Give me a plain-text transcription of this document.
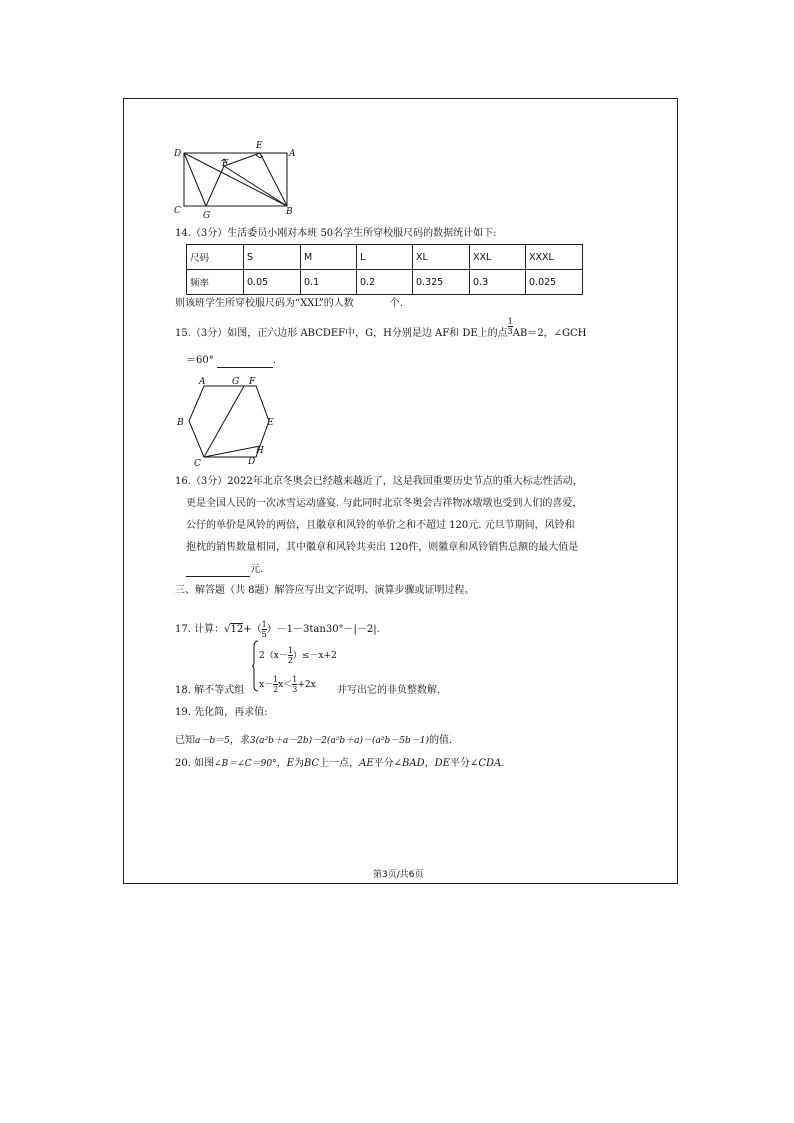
D
E
A
F
C G	B
14.（3分）生活委员小刚对本班 50名学生所穿校服尺码的数据统计如下:
尺码	S	M	L	XL	XXL	XXXL
频率	0.05	0.1	0.2	0.325	0.3	0.025
则该班学生所穿校服尺码为“XXL”的人数	个.
15.（3分）如图，正六边形 ABCDEF中，G，H分别是边 AF和 DE上的点 $\frac{1}{3} AB=2$，∠GCH
＝60°	.
A	G F
B	E
H
C	D
16.（3分）2022年北京冬奥会已经越来越近了，这是我国重要历史节点的重大标志性活动，
更是全国人民的一次冰雪运动盛宴. 与此同时北京冬奥会吉祥物冰墩墩也受到人们的喜爱，
公仔的单价是风铃的两倍，且徽章和风铃的单价之和不超过 120元. 元旦节期间，风铃和
抱枕的销售数量相同，其中徽章和风铃共卖出 120件，则徽章和风铃销售总额的最大值是
元.
三、解答题（共 8题）解答应写出文字说明、演算步骤或证明过程。
17. 计算：$√12+( \frac{1}{5} )-1-3\tan 30^\circ-|-2|$.
$2(x- \frac{1}{2} )\le-x+2$
$x- \frac{1}{2} x< \frac{1}{3} +2x$
18. 解不等式组	并写出它的非负整数解.
19. 先化简，再求值:
已知a－b＝5，求3(a²b＋a－2b)－2(a²b＋a)－(a²b－5b－1)的值.
20. 如图∠B＝∠C＝90°，E为BC上一点，AE平分∠BAD，DE平分∠CDA.
第3页/共6页
